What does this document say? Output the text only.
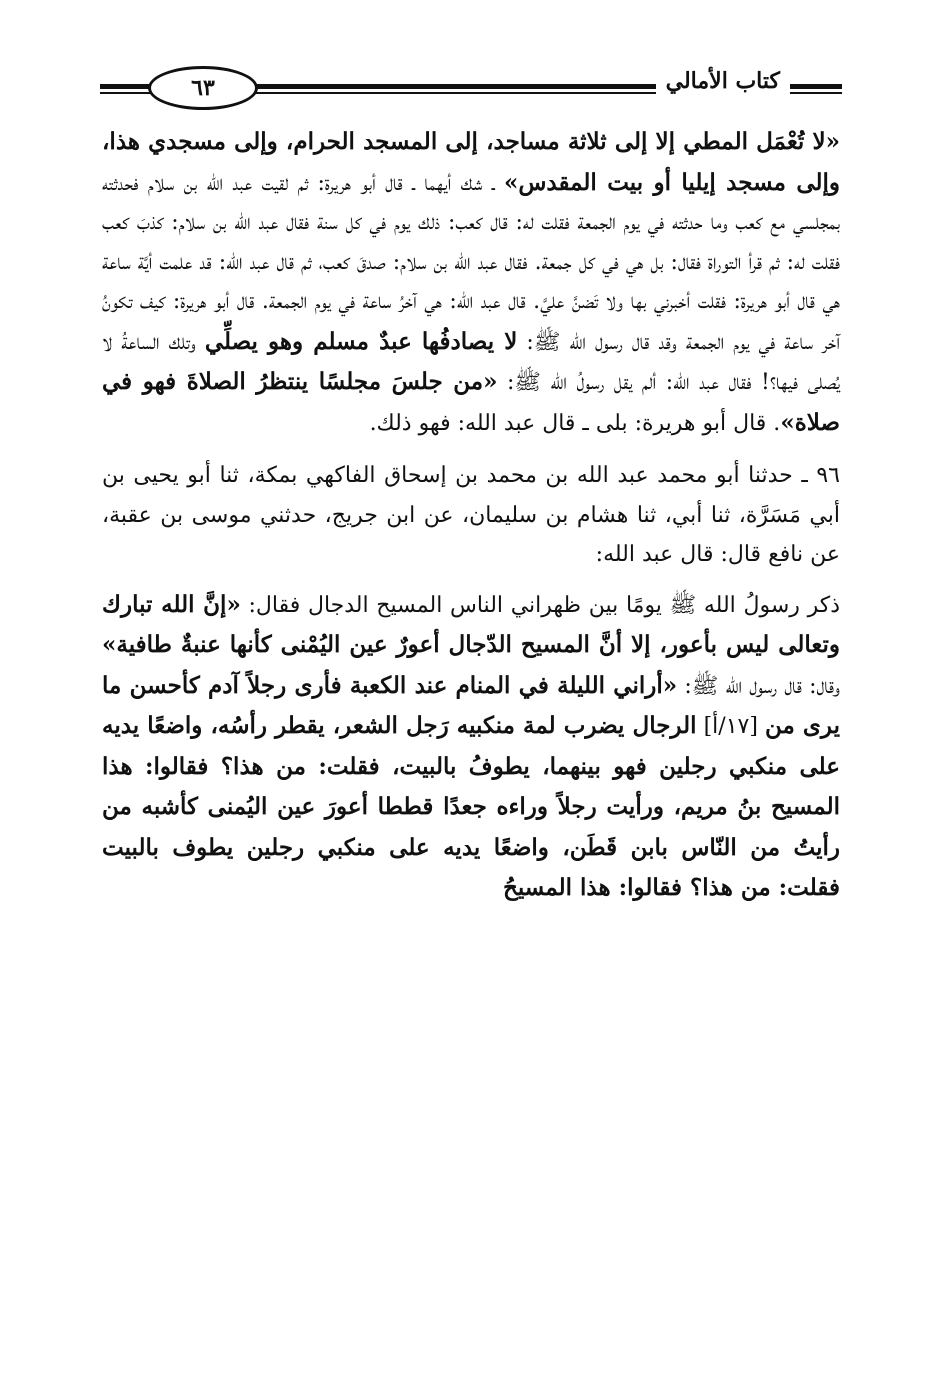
٦٣	كتاب الأمالي

«لا تُعْمَل المطي إلا إلى ثلاثة مساجد، إلى المسجد الحرام، وإلى مسجدي هذا، وإلى مسجد إيليا أو بيت المقدس» ـ شك أيهما ـ قال أبو هريرة: ثم لقيت عبد الله بن سلام فحدثته بمجلسي مع كعب وما حدثته في يوم الجمعة فقلت له: قال كعب: ذلك يوم في كل سنة فقال عبد الله بن سلام: كذبَ كعب فقلت له: ثم قرأ التوراة فقال: بل هي في كل جمعة. فقال عبد الله بن سلام: صدقَ كعب، ثم قال عبد الله: قد علمت أيَّة ساعة هي قال أبو هريرة: فقلت أخبرني بها ولا تَضنَّ عليَّ. قال عبد الله: هي آخرُ ساعة في يوم الجمعة. قال أبو هريرة: كيف تكونُ آخر ساعة في يوم الجمعة وقد قال رسول الله ﷺ: لا يصادفُها عبدٌ مسلم وهو يصلِّي وتلك الساعةُ لا يُصلى فيها؟! فقال عبد الله: ألم يقل رسولُ الله ﷺ: «من جلسَ مجلسًا ينتظرُ الصلاةَ فهو في صلاة». قال أبو هريرة: بلى ـ قال عبد الله: فهو ذلك.

٩٦ ـ حدثنا أبو محمد عبد الله بن محمد بن إسحاق الفاكهي بمكة، ثنا أبو يحيى بن أبي مَسَرَّة، ثنا أبي، ثنا هشام بن سليمان، عن ابن جريج، حدثني موسى بن عقبة، عن نافع قال: قال عبد الله:

ذكر رسولُ الله ﷺ يومًا بين ظهراني الناس المسيح الدجال فقال: «إنَّ الله تبارك وتعالى ليس بأعور، إلا أنَّ المسيح الدّجال أعورٌ عين اليُمْنى كأنها عنبةٌ طافية» وقال: قال رسول الله ﷺ: «أراني الليلة في المنام عند الكعبة فأرى رجلاً آدم كأحسن ما يرى من [١٧/أ] الرجال يضرب لمة منكبيه رَجل الشعر، يقطر رأسُه، واضعًا يديه على منكبي رجلين فهو بينهما، يطوفُ بالبيت، فقلت: من هذا؟ فقالوا: هذا المسيح بنُ مريم، ورأيت رجلاً وراءه جعدًا قططا أعورَ عين اليُمنى كأشبه من رأيتُ من النّاس بابن قَطَن، واضعًا يديه على منكبي رجلين يطوف بالبيت فقلت: من هذا؟ فقالوا: هذا المسيحُ
